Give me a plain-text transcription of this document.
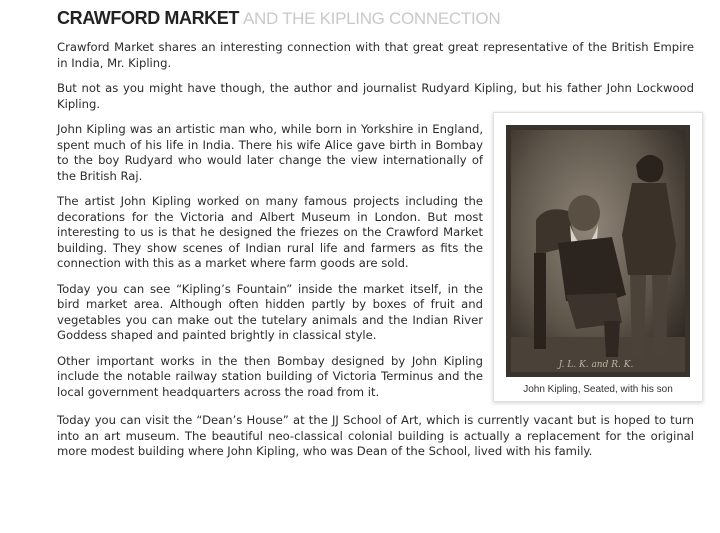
CRAWFORD MARKET AND THE KIPLING CONNECTION

Crawford Market shares an interesting connection with that great great representative of the British Empire in India, Mr. Kipling.

But not as you might have though, the author and journalist Rudyard Kipling, but his father John Lockwood Kipling.

J. L. K. and R. K.
John Kipling, Seated, with his son

John Kipling was an artistic man who, while born in Yorkshire in England, spent much of his life in India. There his wife Alice gave birth in Bombay to the boy Rudyard who would later change the view internationally of the British Raj.

The artist John Kipling worked on many famous projects including the decorations for the Victoria and Albert Museum in London. But most interesting to us is that he designed the friezes on the Crawford Market building. They show scenes of Indian rural life and farmers as fits the connection with this as a market where farm goods are sold.

Today you can see “Kipling’s Fountain” inside the market itself, in the bird market area. Although often hidden partly by boxes of fruit and vegetables you can make out the tutelary animals and the Indian River Goddess shaped and painted brightly in classical style.

Other important works in the then Bombay designed by John Kipling include the notable railway station building of Victoria Terminus and the local government headquarters across the road from it.

Today you can visit the “Dean’s House” at the JJ School of Art, which is currently vacant but is hoped to turn into an art museum. The beautiful neo-classical colonial building is actually a replacement for the original more modest building where John Kipling, who was Dean of the School, lived with his family.
